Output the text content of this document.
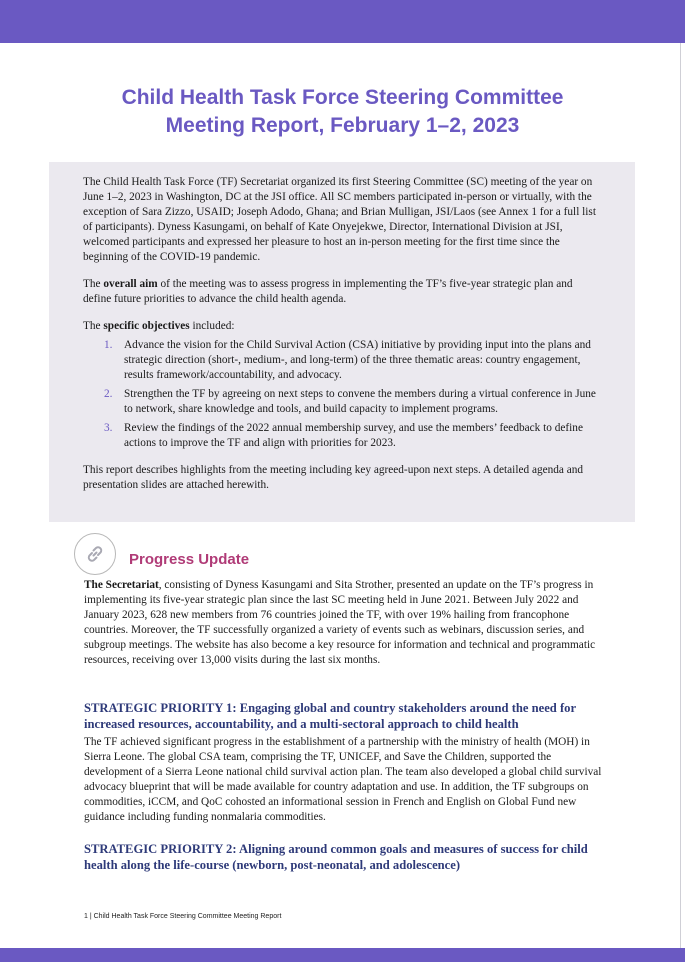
Child Health Task Force Steering Committee
Meeting Report, February 1–2, 2023

The Child Health Task Force (TF) Secretariat organized its first Steering Committee (SC) meeting of the year on June 1–2, 2023 in Washington, DC at the JSI office. All SC members participated in-person or virtually, with the exception of Sara Zizzo, USAID; Joseph Adodo, Ghana; and Brian Mulligan, JSI/Laos (see Annex 1 for a full list of participants). Dyness Kasungami, on behalf of Kate Onyejekwe, Director, International Division at JSI, welcomed participants and expressed her pleasure to host an in-person meeting for the first time since the beginning of the COVID-19 pandemic.

The overall aim of the meeting was to assess progress in implementing the TF’s five-year strategic plan and define future priorities to advance the child health agenda.

The specific objectives included:

1. Advance the vision for the Child Survival Action (CSA) initiative by providing input into the plans and strategic direction (short-, medium-, and long-term) of the three thematic areas: country engagement, results framework/accountability, and advocacy.
2. Strengthen the TF by agreeing on next steps to convene the members during a virtual conference in June to network, share knowledge and tools, and build capacity to implement programs.
3. Review the findings of the 2022 annual membership survey, and use the members’ feedback to define actions to improve the TF and align with priorities for 2023.

This report describes highlights from the meeting including key agreed-upon next steps. A detailed agenda and presentation slides are attached herewith.

Progress Update

The Secretariat, consisting of Dyness Kasungami and Sita Strother, presented an update on the TF’s progress in implementing its five-year strategic plan since the last SC meeting held in June 2021. Between July 2022 and January 2023, 628 new members from 76 countries joined the TF, with over 19% hailing from francophone countries. Moreover, the TF successfully organized a variety of events such as webinars, discussion series, and subgroup meetings. The website has also become a key resource for information and technical and programmatic resources, receiving over 13,000 visits during the last six months.

STRATEGIC PRIORITY 1: Engaging global and country stakeholders around the need for increased resources, accountability, and a multi-sectoral approach to child health

The TF achieved significant progress in the establishment of a partnership with the ministry of health (MOH) in Sierra Leone. The global CSA team, comprising the TF, UNICEF, and Save the Children, supported the development of a Sierra Leone national child survival action plan. The team also developed a global child survival advocacy blueprint that will be made available for country adaptation and use. In addition, the TF subgroups on commodities, iCCM, and QoC cohosted an informational session in French and English on Global Fund new guidance including funding nonmalaria commodities.

STRATEGIC PRIORITY 2: Aligning around common goals and measures of success for child health along the life-course (newborn, post-neonatal, and adolescence)

1 | Child Health Task Force Steering Committee Meeting Report
